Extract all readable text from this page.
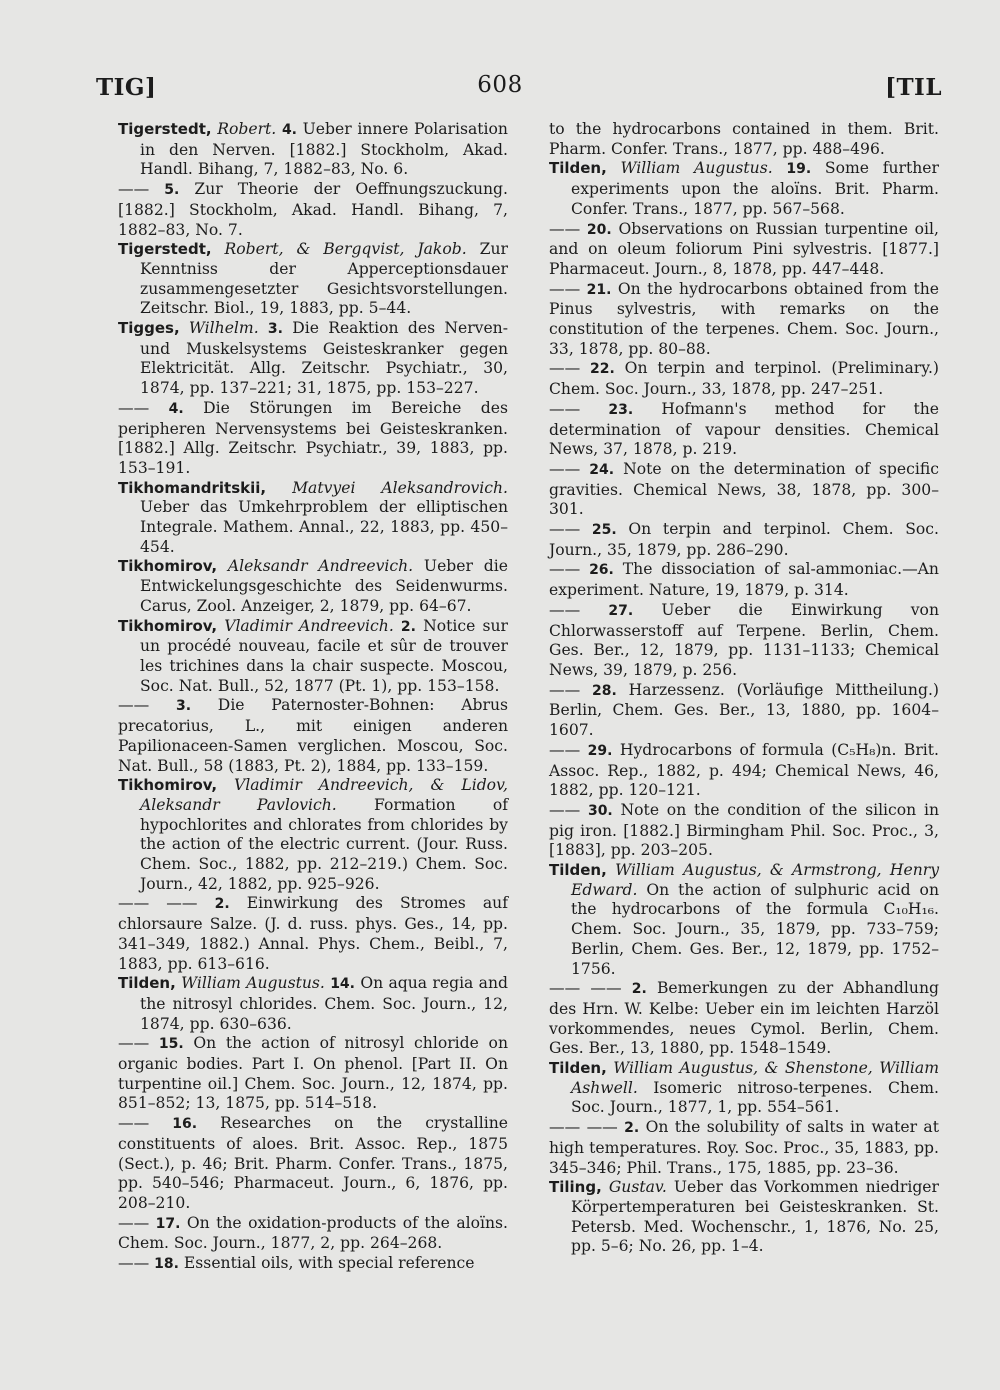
TIG]	608	[TIL

Tigerstedt, Robert. 4. Ueber innere Polarisation in den Nerven. [1882.] Stockholm, Akad. Handl. Bihang, 7, 1882–83, No. 6.

—— 5. Zur Theorie der Oeffnungszuckung. [1882.] Stockholm, Akad. Handl. Bihang, 7, 1882–83, No. 7.

Tigerstedt, Robert, & Bergqvist, Jakob. Zur Kenntniss der Apperceptionsdauer zusammengesetzter Gesichtsvorstellungen. Zeitschr. Biol., 19, 1883, pp. 5–44.

Tigges, Wilhelm. 3. Die Reaktion des Nerven- und Muskelsystems Geisteskranker gegen Elektricität. Allg. Zeitschr. Psychiatr., 30, 1874, pp. 137–221; 31, 1875, pp. 153–227.

—— 4. Die Störungen im Bereiche des peripheren Nervensystems bei Geisteskranken. [1882.] Allg. Zeitschr. Psychiatr., 39, 1883, pp. 153–191.

Tikhomandritskii, Matvyei Aleksandrovich. Ueber das Umkehrproblem der elliptischen Integrale. Mathem. Annal., 22, 1883, pp. 450–454.

Tikhomirov, Aleksandr Andreevich. Ueber die Entwickelungsgeschichte des Seidenwurms. Carus, Zool. Anzeiger, 2, 1879, pp. 64–67.

Tikhomirov, Vladimir Andreevich. 2. Notice sur un procédé nouveau, facile et sûr de trouver les trichines dans la chair suspecte. Moscou, Soc. Nat. Bull., 52, 1877 (Pt. 1), pp. 153–158.

—— 3. Die Paternoster-Bohnen: Abrus precatorius, L., mit einigen anderen Papilionaceen-Samen verglichen. Moscou, Soc. Nat. Bull., 58 (1883, Pt. 2), 1884, pp. 133–159.

Tikhomirov, Vladimir Andreevich, & Lidov, Aleksandr Pavlovich. Formation of hypochlorites and chlorates from chlorides by the action of the electric current. (Jour. Russ. Chem. Soc., 1882, pp. 212–219.) Chem. Soc. Journ., 42, 1882, pp. 925–926.

—— —— 2. Einwirkung des Stromes auf chlorsaure Salze. (J. d. russ. phys. Ges., 14, pp. 341–349, 1882.) Annal. Phys. Chem., Beibl., 7, 1883, pp. 613–616.

Tilden, William Augustus. 14. On aqua regia and the nitrosyl chlorides. Chem. Soc. Journ., 12, 1874, pp. 630–636.

—— 15. On the action of nitrosyl chloride on organic bodies. Part I. On phenol. [Part II. On turpentine oil.] Chem. Soc. Journ., 12, 1874, pp. 851–852; 13, 1875, pp. 514–518.

—— 16. Researches on the crystalline constituents of aloes. Brit. Assoc. Rep., 1875 (Sect.), p. 46; Brit. Pharm. Confer. Trans., 1875, pp. 540–546; Pharmaceut. Journ., 6, 1876, pp. 208–210.

—— 17. On the oxidation-products of the aloïns. Chem. Soc. Journ., 1877, 2, pp. 264–268.

—— 18. Essential oils, with special reference

to the hydrocarbons contained in them. Brit. Pharm. Confer. Trans., 1877, pp. 488–496.

Tilden, William Augustus. 19. Some further experiments upon the aloïns. Brit. Pharm. Confer. Trans., 1877, pp. 567–568.

—— 20. Observations on Russian turpentine oil, and on oleum foliorum Pini sylvestris. [1877.] Pharmaceut. Journ., 8, 1878, pp. 447–448.

—— 21. On the hydrocarbons obtained from the Pinus sylvestris, with remarks on the constitution of the terpenes. Chem. Soc. Journ., 33, 1878, pp. 80–88.

—— 22. On terpin and terpinol. (Preliminary.) Chem. Soc. Journ., 33, 1878, pp. 247–251.

—— 23. Hofmann's method for the determination of vapour densities. Chemical News, 37, 1878, p. 219.

—— 24. Note on the determination of specific gravities. Chemical News, 38, 1878, pp. 300–301.

—— 25. On terpin and terpinol. Chem. Soc. Journ., 35, 1879, pp. 286–290.

—— 26. The dissociation of sal-ammoniac.—An experiment. Nature, 19, 1879, p. 314.

—— 27. Ueber die Einwirkung von Chlorwasserstoff auf Terpene. Berlin, Chem. Ges. Ber., 12, 1879, pp. 1131–1133; Chemical News, 39, 1879, p. 256.

—— 28. Harzessenz. (Vorläufige Mittheilung.) Berlin, Chem. Ges. Ber., 13, 1880, pp. 1604–1607.

—— 29. Hydrocarbons of formula (C₅H₈)n. Brit. Assoc. Rep., 1882, p. 494; Chemical News, 46, 1882, pp. 120–121.

—— 30. Note on the condition of the silicon in pig iron. [1882.] Birmingham Phil. Soc. Proc., 3, [1883], pp. 203–205.

Tilden, William Augustus, & Armstrong, Henry Edward. On the action of sulphuric acid on the hydrocarbons of the formula C₁₀H₁₆. Chem. Soc. Journ., 35, 1879, pp. 733–759; Berlin, Chem. Ges. Ber., 12, 1879, pp. 1752–1756.

—— —— 2. Bemerkungen zu der Abhandlung des Hrn. W. Kelbe: Ueber ein im leichten Harzöl vorkommendes, neues Cymol. Berlin, Chem. Ges. Ber., 13, 1880, pp. 1548–1549.

Tilden, William Augustus, & Shenstone, William Ashwell. Isomeric nitroso-terpenes. Chem. Soc. Journ., 1877, 1, pp. 554–561.

—— —— 2. On the solubility of salts in water at high temperatures. Roy. Soc. Proc., 35, 1883, pp. 345–346; Phil. Trans., 175, 1885, pp. 23–36.

Tiling, Gustav. Ueber das Vorkommen niedriger Körpertemperaturen bei Geisteskranken. St. Petersb. Med. Wochenschr., 1, 1876, No. 25, pp. 5–6; No. 26, pp. 1–4.
